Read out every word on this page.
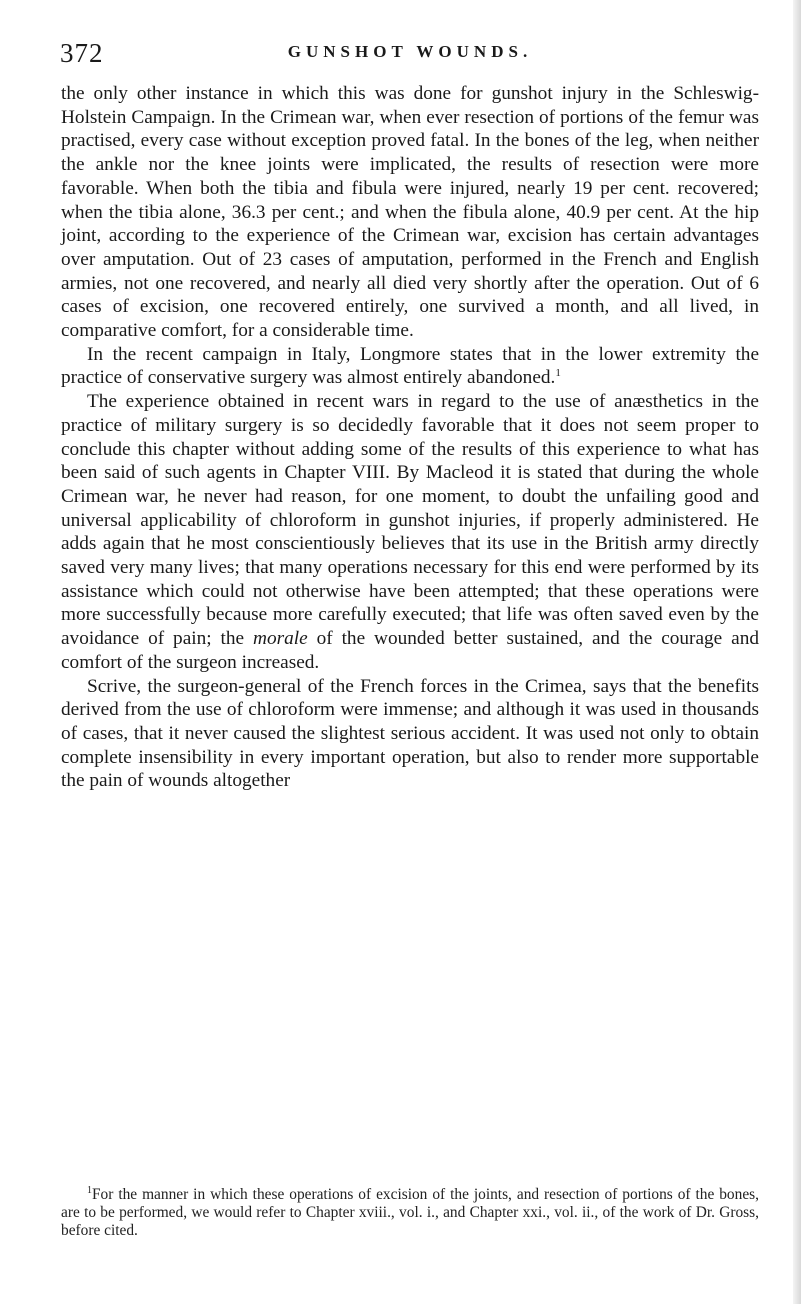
372	GUNSHOT WOUNDS.

the only other instance in which this was done for gunshot injury in the Schleswig-Holstein Campaign. In the Crimean war, when ever resection of portions of the femur was practised, every case without exception proved fatal. In the bones of the leg, when neither the ankle nor the knee joints were implicated, the results of resection were more favorable. When both the tibia and fibula were injured, nearly 19 per cent. recovered; when the tibia alone, 36.3 per cent.; and when the fibula alone, 40.9 per cent. At the hip joint, according to the experience of the Crimean war, excision has certain advantages over amputation. Out of 23 cases of amputation, performed in the French and English armies, not one recovered, and nearly all died very shortly after the operation. Out of 6 cases of excision, one recovered entirely, one survived a month, and all lived, in comparative comfort, for a considerable time.

In the recent campaign in Italy, Longmore states that in the lower extremity the practice of conservative surgery was almost entirely abandoned.$^1$

The experience obtained in recent wars in regard to the use of anæsthetics in the practice of military surgery is so decidedly favorable that it does not seem proper to conclude this chapter without adding some of the results of this experience to what has been said of such agents in Chapter VIII. By Macleod it is stated that during the whole Crimean war, he never had reason, for one moment, to doubt the unfailing good and universal applicability of chloroform in gunshot injuries, if properly administered. He adds again that he most conscientiously believes that its use in the British army directly saved very many lives; that many operations necessary for this end were performed by its assistance which could not otherwise have been attempted; that these operations were more successfully because more carefully executed; that life was often saved even by the avoidance of pain; the morale of the wounded better sustained, and the courage and comfort of the surgeon increased.

Scrive, the surgeon-general of the French forces in the Crimea, says that the benefits derived from the use of chloroform were immense; and although it was used in thousands of cases, that it never caused the slightest serious accident. It was used not only to obtain complete insensibility in every important operation, but also to render more supportable the pain of wounds altogether

$^1$For the manner in which these operations of excision of the joints, and resection of portions of the bones, are to be performed, we would refer to Chapter xviii., vol. i., and Chapter xxi., vol. ii., of the work of Dr. Gross, before cited.
